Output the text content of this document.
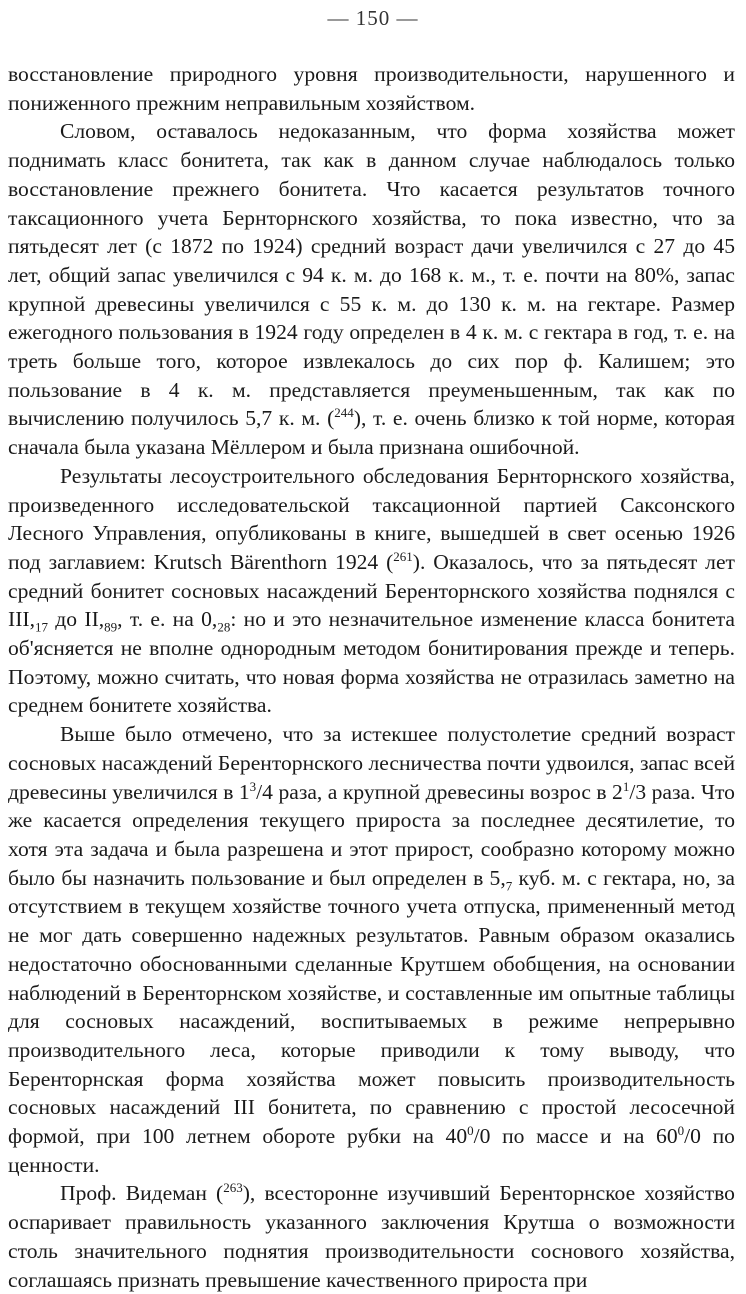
— 150 —

восстановление природного уровня производительности, нарушенного и пониженного прежним неправильным хозяйством.

Словом, оставалось недоказанным, что форма хозяйства может поднимать класс бонитета, так как в данном случае наблюдалось только восстановление прежнего бонитета. Что касается результатов точного таксационного учета Бернторнского хозяйства, то пока известно, что за пятьдесят лет (с 1872 по 1924) средний возраст дачи увеличился с 27 до 45 лет, общий запас увеличился с 94 к. м. до 168 к. м., т. е. почти на 80%, запас крупной древесины увеличился с 55 к. м. до 130 к. м. на гектаре. Размер ежегодного пользования в 1924 году определен в 4 к. м. с гектара в год, т. е. на треть больше того, которое извлекалось до сих пор ф. Калишем; это пользование в 4 к. м. представляется преуменьшенным, так как по вычислению получилось 5,7 к. м. ($^{244}$), т. е. очень близко к той норме, которая сначала была указана Мёллером и была признана ошибочной.

Результаты лесоустроительного обследования Бернторнского хозяйства, произведенного исследовательской таксационной партией Саксонского Лесного Управления, опубликованы в книге, вышедшей в свет осенью 1926 под заглавием: Krutsch Bärenthorn 1924 ($^{261}$). Оказалось, что за пятьдесят лет средний бонитет сосновых насаждений Беренторнского хозяйства поднялся с $III,_{17}$ до $II,_{89}$, т. е. на $0,_{28}$: но и это незначительное изменение класса бонитета об'ясняется не вполне однородным методом бонитирования прежде и теперь. Поэтому, можно считать, что новая форма хозяйства не отразилась заметно на среднем бонитете хозяйства.

Выше было отмечено, что за истекшее полустолетие средний возраст сосновых насаждений Беренторнского лесничества почти удвоился, запас всей древесины увеличился в $1^3/4$ раза, а крупной древесины возрос в $2^1/3$ раза. Что же касается определения текущего прироста за последнее десятилетие, то хотя эта задача и была разрешена и этот прирост, сообразно которому можно было бы назначить пользование и был определен в $5,_7$ куб. м. с гектара, но, за отсутствием в текущем хозяйстве точного учета отпуска, примененный метод не мог дать совершенно надежных результатов. Равным образом оказались недостаточно обоснованными сделанные Крутшем обобщения, на основании наблюдений в Беренторнском хозяйстве, и составленные им опытные таблицы для сосновых насаждений, воспитываемых в режиме непрерывно производительного леса, которые приводили к тому выводу, что Беренторнская форма хозяйства может повысить производительность сосновых насаждений III бонитета, по сравнению с простой лесосечной формой, при 100 летнем обороте рубки на $40^0/0$ по массе и на $60^0/0$ по ценности.

Проф. Видеман ($^{263}$), всесторонне изучивший Беренторнское хозяйство оспаривает правильность указанного заключения Крутша о возможности столь значительного поднятия производительности соснового хозяйства, соглашаясь признать превышение качественного прироста при
